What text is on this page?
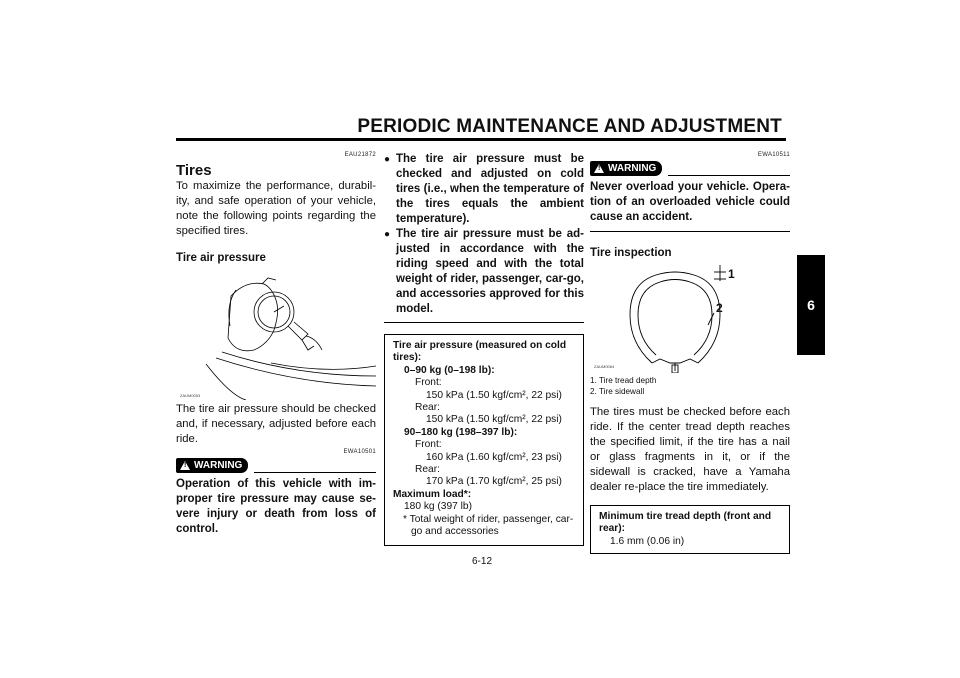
PERIODIC MAINTENANCE AND ADJUSTMENT
6
EAU21872
Tires
To maximize the performance, durabil-ity, and safe operation of your vehicle, note the following points regarding the specified tires.
Tire air pressure
ZAUM0053
The tire air pressure should be checked and, if necessary, adjusted before each ride.
EWA10501
! WARNING
Operation of this vehicle with im-proper tire pressure may cause se-vere injury or death from loss of control.
● The tire air pressure must be checked and adjusted on cold tires (i.e., when the temperature of the tires equals the ambient temperature).
● The tire air pressure must be ad-justed in accordance with the riding speed and with the total weight of rider, passenger, car-go, and accessories approved for this model.
Tire air pressure (measured on cold tires):
0–90 kg (0–198 lb):
Front:
150 kPa (1.50 kgf/cm², 22 psi)
Rear:
150 kPa (1.50 kgf/cm², 22 psi)
90–180 kg (198–397 lb):
Front:
160 kPa (1.60 kgf/cm², 23 psi)
Rear:
170 kPa (1.70 kgf/cm², 25 psi)
Maximum load*:
180 kg (397 lb)
* Total weight of rider, passenger, car-go and accessories
EWA10511
! WARNING
Never overload your vehicle. Opera-tion of an overloaded vehicle could cause an accident.
Tire inspection
1
2
ZAUM0064
1. Tire tread depth
2. Tire sidewall
The tires must be checked before each ride. If the center tread depth reaches the specified limit, if the tire has a nail or glass fragments in it, or if the sidewall is cracked, have a Yamaha dealer re-place the tire immediately.
Minimum tire tread depth (front and rear):
1.6 mm (0.06 in)
6-12
